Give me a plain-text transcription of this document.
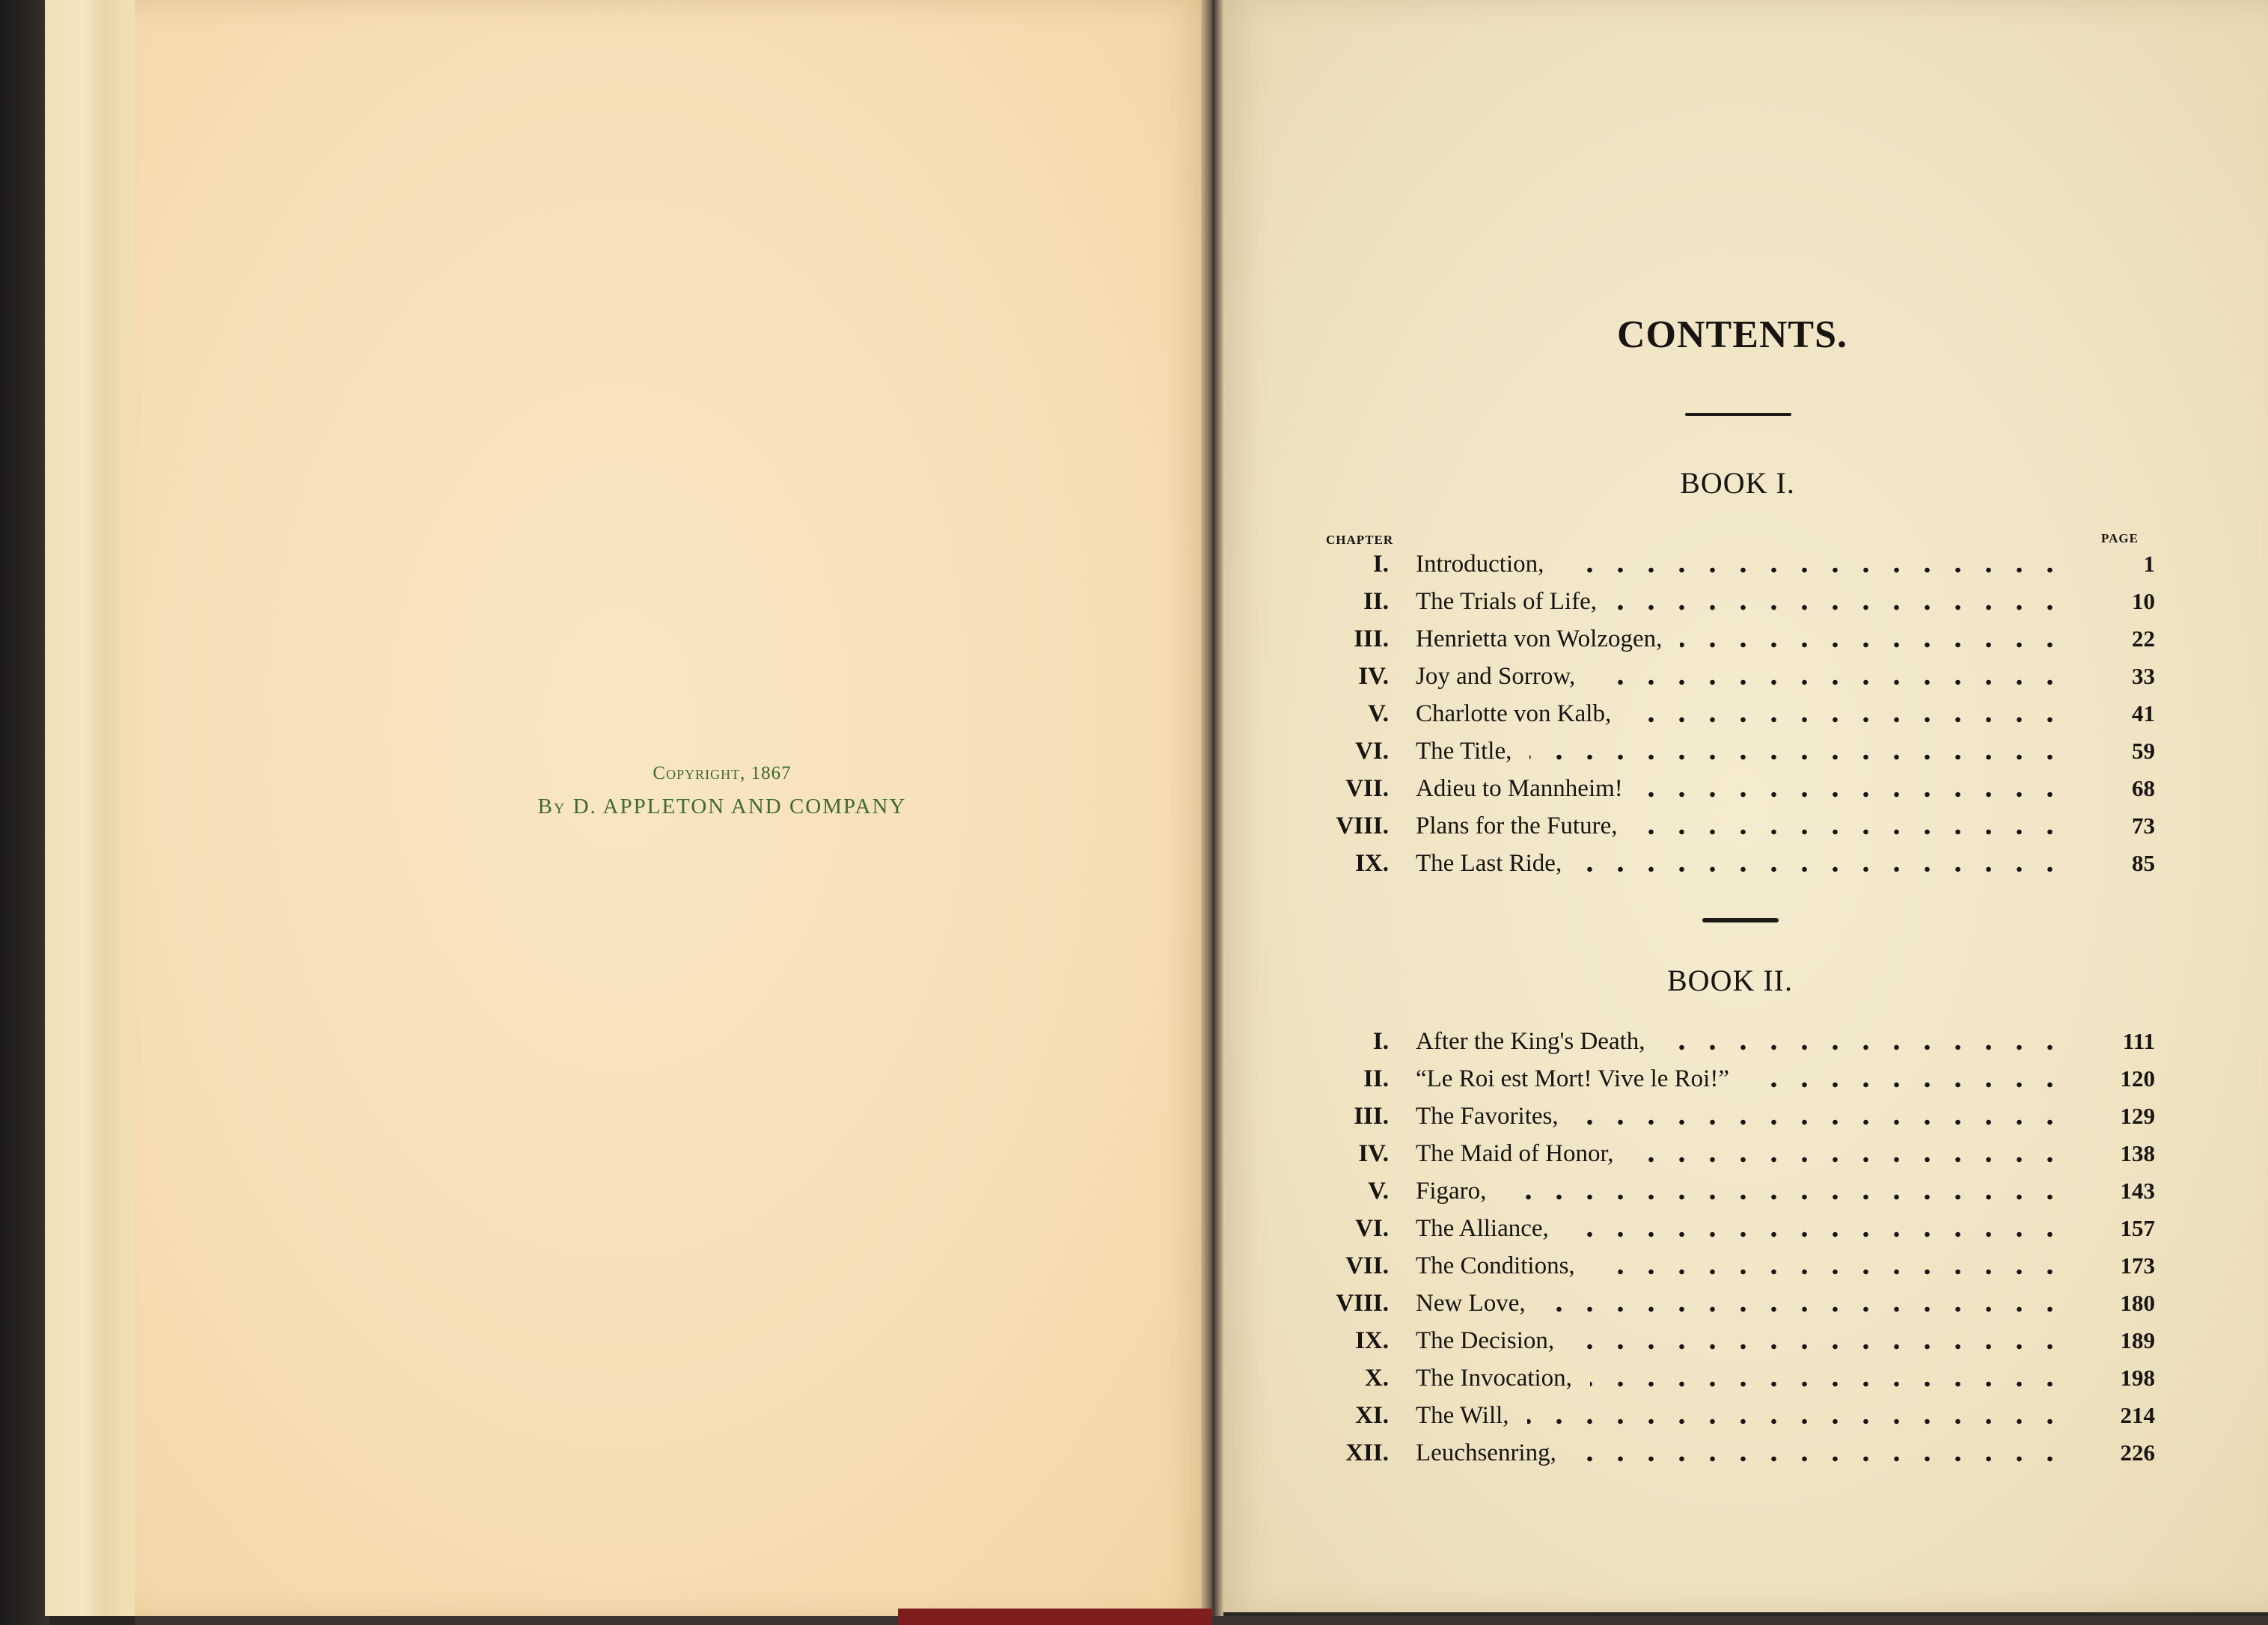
Copyright, 1867
By D. APPLETON AND COMPANY
CONTENTS.
BOOK I.
CHAPTER	PAGE
I. Introduction,	1
II. The Trials of Life,	10
III. Henrietta von Wolzogen,	22
IV. Joy and Sorrow,	33
V. Charlotte von Kalb,	41
VI. The Title,	59
VII. Adieu to Mannheim!	68
VIII. Plans for the Future,	73
IX. The Last Ride,	85
BOOK II.
I. After the King's Death,	111
II. “Le Roi est Mort! Vive le Roi!”	120
III. The Favorites,	129
IV. The Maid of Honor,	138
V. Figaro,	143
VI. The Alliance,	157
VII. The Conditions,	173
VIII. New Love,	180
IX. The Decision,	189
X. The Invocation,	198
XI. The Will,	214
XII. Leuchsenring,	226
